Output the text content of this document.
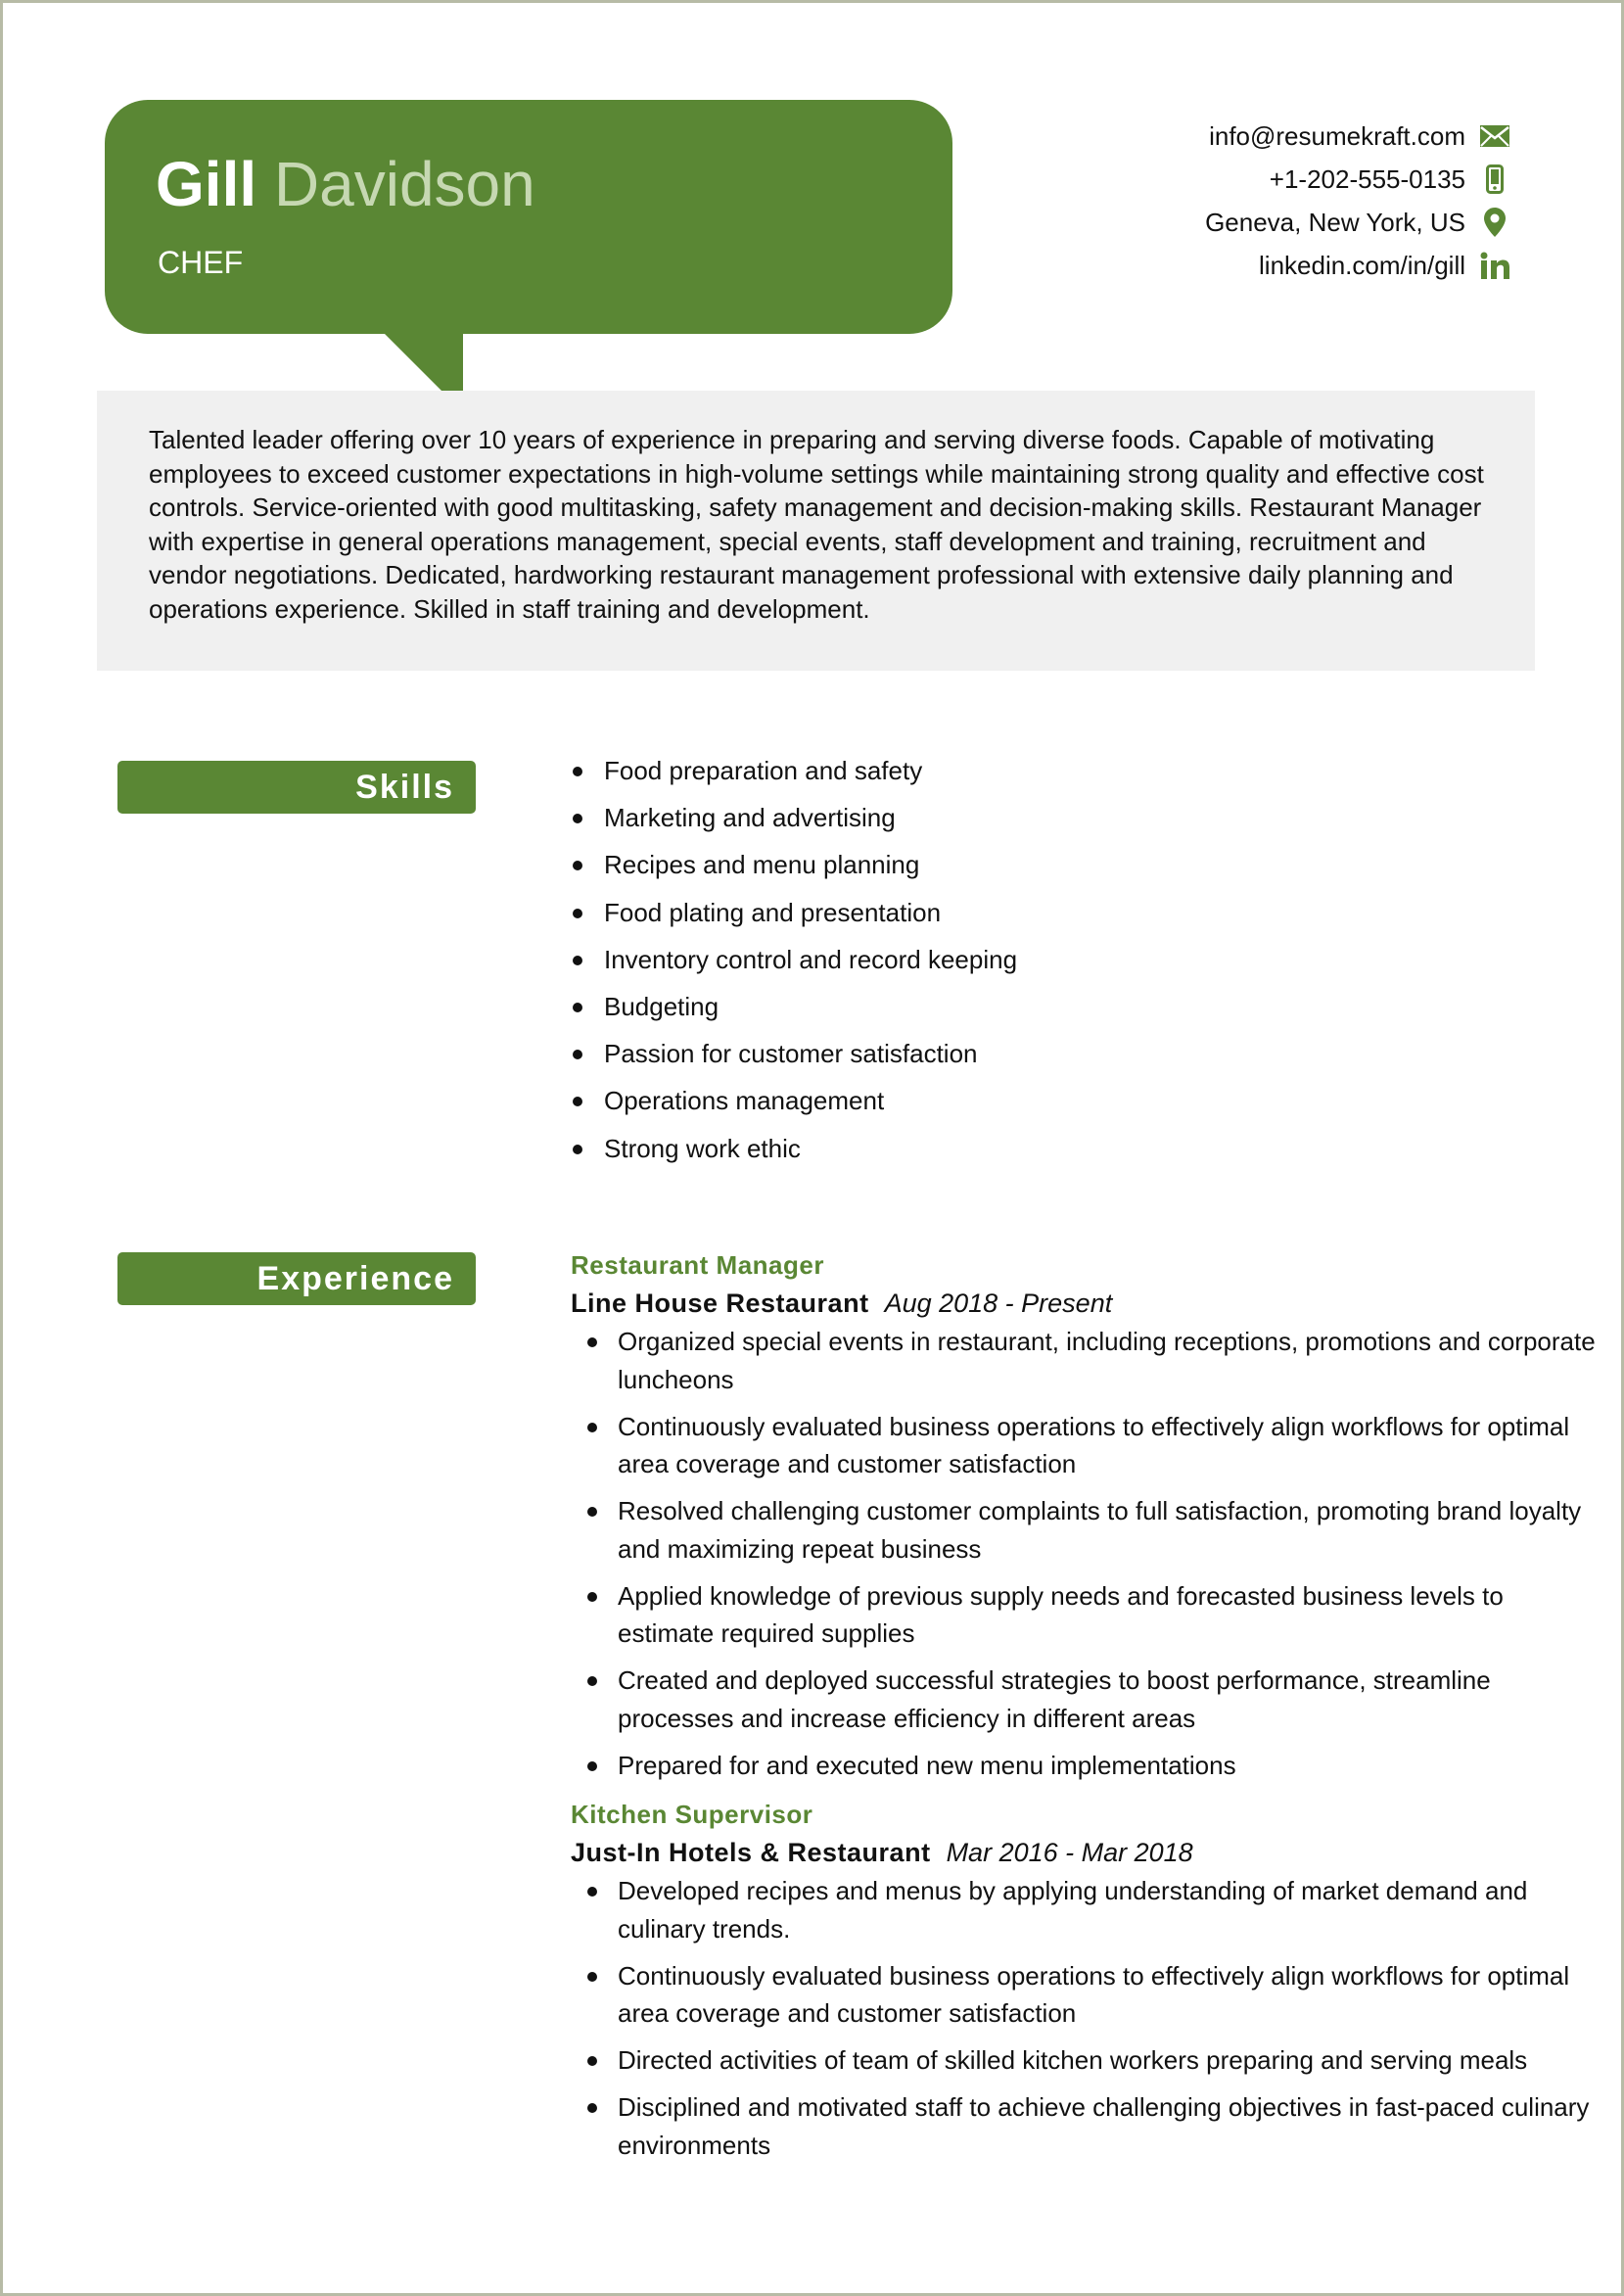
Gill Davidson
CHEF
info@resumekraft.com
+1-202-555-0135
Geneva, New York, US
linkedin.com/in/gill
Talented leader offering over 10 years of experience in preparing and serving diverse foods. Capable of motivating employees to exceed customer expectations in high-volume settings while maintaining strong quality and effective cost controls. Service-oriented with good multitasking, safety management and decision-making skills. Restaurant Manager with expertise in general operations management, special events, staff development and training, recruitment and vendor negotiations. Dedicated, hardworking restaurant management professional with extensive daily planning and operations experience. Skilled in staff training and development.
Skills	Food preparation and safety
Marketing and advertising
Recipes and menu planning
Food plating and presentation
Inventory control and record keeping
Budgeting
Passion for customer satisfaction
Operations management
Strong work ethic
Experience	Restaurant Manager
Line House Restaurant Aug 2018 - Present
Organized special events in restaurant, including receptions, promotions and corporate luncheons
Continuously evaluated business operations to effectively align workflows for optimal area coverage and customer satisfaction
Resolved challenging customer complaints to full satisfaction, promoting brand loyalty and maximizing repeat business
Applied knowledge of previous supply needs and forecasted business levels to estimate required supplies
Created and deployed successful strategies to boost performance, streamline processes and increase efficiency in different areas
Prepared for and executed new menu implementations
Kitchen Supervisor
Just-In Hotels & Restaurant Mar 2016 - Mar 2018
Developed recipes and menus by applying understanding of market demand and culinary trends.
Continuously evaluated business operations to effectively align workflows for optimal area coverage and customer satisfaction
Directed activities of team of skilled kitchen workers preparing and serving meals
Disciplined and motivated staff to achieve challenging objectives in fast-paced culinary environments
